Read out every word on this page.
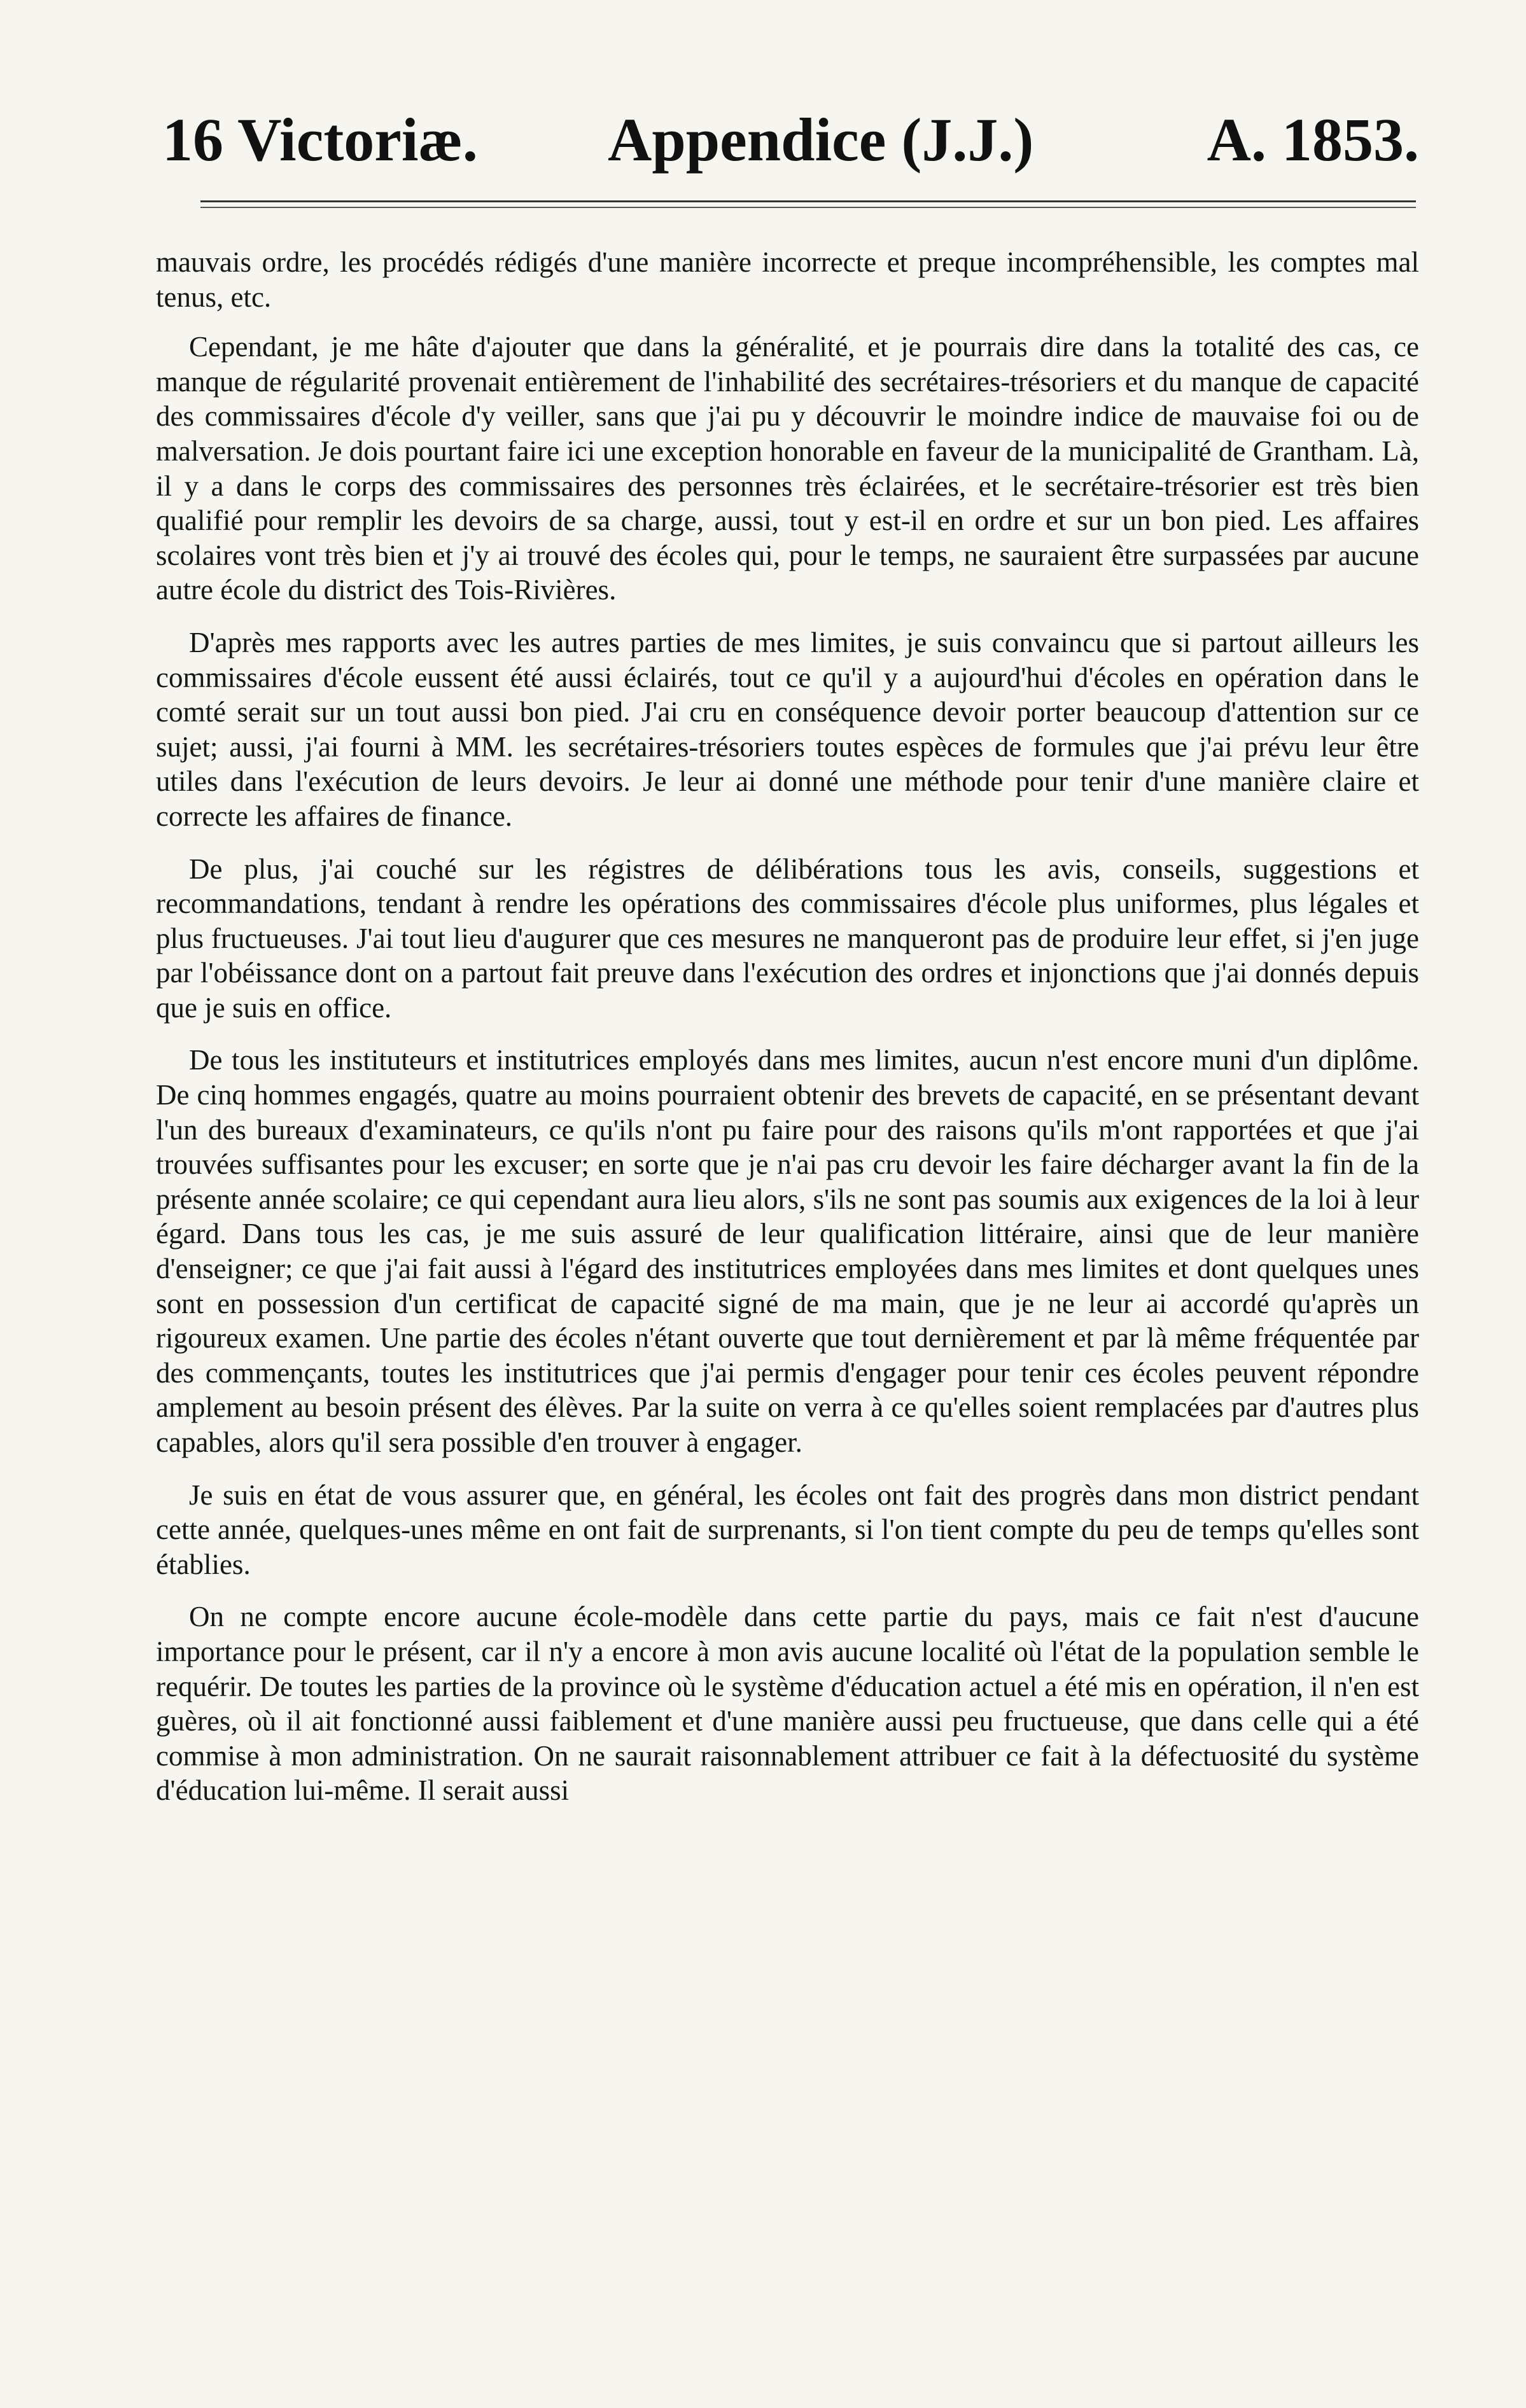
16 Victoriæ. Appendice (J.J.)	A. 1853.

mauvais ordre, les procédés rédigés d'une manière incorrecte et preque incompréhensible, les comptes mal tenus, etc.

Cependant, je me hâte d'ajouter que dans la généralité, et je pourrais dire dans la totalité des cas, ce manque de régularité provenait entièrement de l'inhabilité des secrétaires-trésoriers et du manque de capacité des commissaires d'école d'y veiller, sans que j'ai pu y découvrir le moindre indice de mauvaise foi ou de malversation. Je dois pourtant faire ici une exception honorable en faveur de la municipalité de Grantham. Là, il y a dans le corps des commissaires des personnes très éclairées, et le secrétaire-trésorier est très bien qualifié pour remplir les devoirs de sa charge, aussi, tout y est-il en ordre et sur un bon pied. Les affaires scolaires vont très bien et j'y ai trouvé des écoles qui, pour le temps, ne sauraient être surpassées par aucune autre école du district des Tois-Rivières.

D'après mes rapports avec les autres parties de mes limites, je suis convaincu que si partout ailleurs les commissaires d'école eussent été aussi éclairés, tout ce qu'il y a aujourd'hui d'écoles en opération dans le comté serait sur un tout aussi bon pied. J'ai cru en conséquence devoir porter beaucoup d'attention sur ce sujet; aussi, j'ai fourni à MM. les secrétaires-trésoriers toutes espèces de formules que j'ai prévu leur être utiles dans l'exécution de leurs devoirs. Je leur ai donné une méthode pour tenir d'une manière claire et correcte les affaires de finance.

De plus, j'ai couché sur les régistres de délibérations tous les avis, conseils, suggestions et recommandations, tendant à rendre les opérations des commissaires d'école plus uniformes, plus légales et plus fructueuses. J'ai tout lieu d'augurer que ces mesures ne manqueront pas de produire leur effet, si j'en juge par l'obéissance dont on a partout fait preuve dans l'exécution des ordres et injonctions que j'ai donnés depuis que je suis en office.

De tous les instituteurs et institutrices employés dans mes limites, aucun n'est encore muni d'un diplôme. De cinq hommes engagés, quatre au moins pourraient obtenir des brevets de capacité, en se présentant devant l'un des bureaux d'examinateurs, ce qu'ils n'ont pu faire pour des raisons qu'ils m'ont rapportées et que j'ai trouvées suffisantes pour les excuser; en sorte que je n'ai pas cru devoir les faire décharger avant la fin de la présente année scolaire; ce qui cependant aura lieu alors, s'ils ne sont pas soumis aux exigences de la loi à leur égard. Dans tous les cas, je me suis assuré de leur qualification littéraire, ainsi que de leur manière d'enseigner; ce que j'ai fait aussi à l'égard des institutrices employées dans mes limites et dont quelques unes sont en possession d'un certificat de capacité signé de ma main, que je ne leur ai accordé qu'après un rigoureux examen. Une partie des écoles n'étant ouverte que tout dernièrement et par là même fréquentée par des commençants, toutes les institutrices que j'ai permis d'engager pour tenir ces écoles peuvent répondre amplement au besoin présent des élèves. Par la suite on verra à ce qu'elles soient remplacées par d'autres plus capables, alors qu'il sera possible d'en trouver à engager.

Je suis en état de vous assurer que, en général, les écoles ont fait des progrès dans mon district pendant cette année, quelques-unes même en ont fait de surprenants, si l'on tient compte du peu de temps qu'elles sont établies.

On ne compte encore aucune école-modèle dans cette partie du pays, mais ce fait n'est d'aucune importance pour le présent, car il n'y a encore à mon avis aucune localité où l'état de la population semble le requérir. De toutes les parties de la province où le système d'éducation actuel a été mis en opération, il n'en est guères, où il ait fonctionné aussi faiblement et d'une manière aussi peu fructueuse, que dans celle qui a été commise à mon administration. On ne saurait raisonnablement attribuer ce fait à la défectuosité du système d'éducation lui-même. Il serait aussi
